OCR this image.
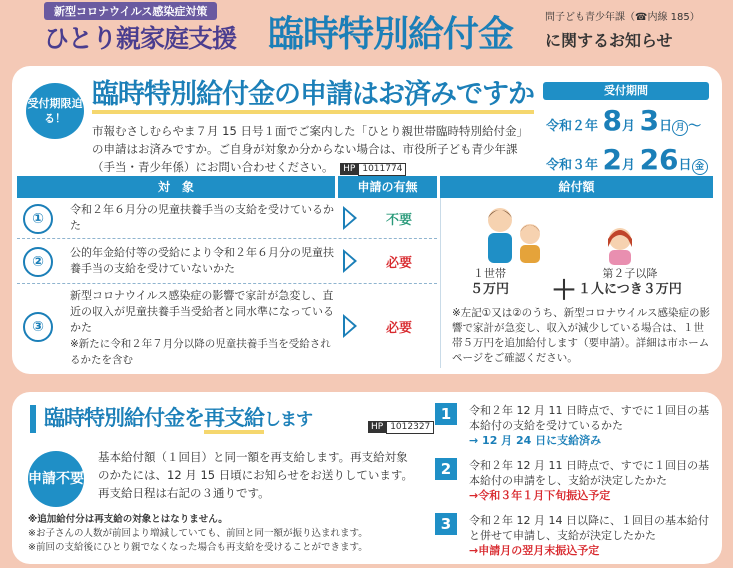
新型コロナウイルス感染症対策
ひとり親家庭支援 臨時特別給付金	問子ども青少年課（☎内線 185）
に関するお知らせ
受付期限迫る！
臨時特別給付金の申請はお済みですか
市報むさしむらやま７月 15 日号１面でご案内した「ひとり親世帯臨時特別給付金」の申請はお済みですか。ご自身が対象か分からない場合は、市役所子ども青少年課（手当・青少年係）にお問い合わせください。 HP 1011774
受付期間
令和２年 8月 3日 月 〜
令和３年 2月 26日 金
対　象	申請の有無	給付額
①
令和２年６月分の児童扶養手当の支給を受けているかた	不要
②
公的年金給付等の受給により令和２年６月分の児童扶養手当の支給を受けていないかた	必要
③
新型コロナウイルス感染症の影響で家計が急変し、直近の収入が児童扶養手当受給者と同水準になっているかた
※新たに令和２年７月分以降の児童扶養手当を受給されるかたを含む
必要
１世帯
５万円 ＋
第２子以降
１人につき３万円
※左記①又は②のうち、新型コロナウイルス感染症の影響で家計が急変し、収入が減少している場合は、１世帯５万円を追加給付します（要申請）。詳細は市ホームページをご確認ください。
臨時特別給付金を再支給します	HP 1012327
申請不要
基本給付額（１回目）と同一額を再支給します。再支給対象のかたには、12 月 15 日頃にお知らせをお送りしています。再支給日程は右記の３通りです。
※追加給付分は再支給の対象とはなりません。
※お子さんの人数が前回より増減していても、前回と同一額が振り込まれます。
※前回の支給後にひとり親でなくなった場合も再支給を受けることができます。
1	令和２年 12 月 11 日時点で、すでに１回目の基本給付の支給を受けているかた
→ 12 月 24 日に支給済み
2	令和２年 12 月 11 日時点で、すでに１回目の基本給付の申請をし、支給が決定したかた
→令和３年１月下旬振込予定
3	令和２年 12 月 14 日以降に、１回目の基本給付と併せて申請し、支給が決定したかた
→申請月の翌月末振込予定
